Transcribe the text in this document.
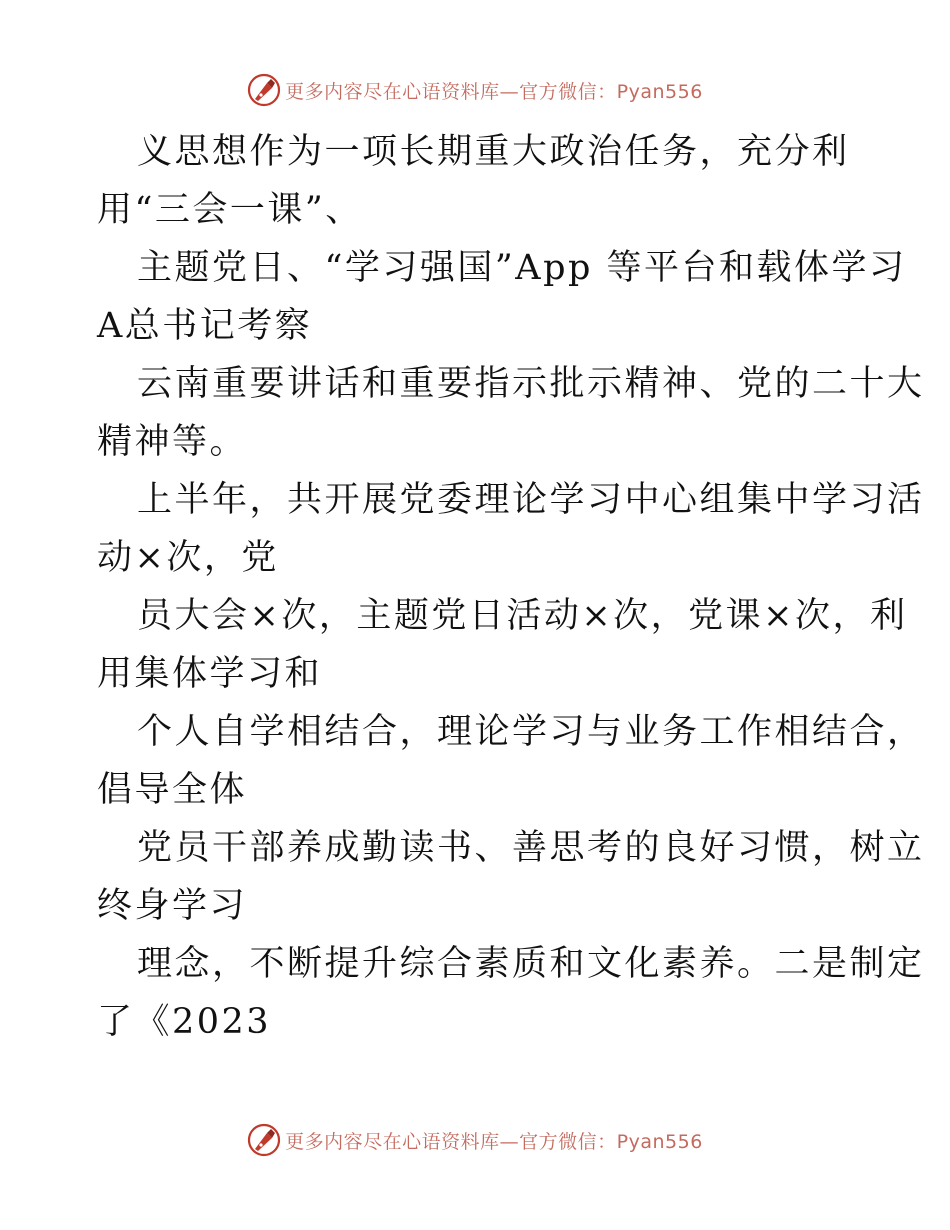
更多内容尽在心语资料库—官方微信：Pyan556
义思想作为一项长期重大政治任务，充分利
用“三会一课”、
主题党日、“学习强国”App 等平台和载体学习
A总书记考察
云南重要讲话和重要指示批示精神、党的二十大
精神等。
上半年，共开展党委理论学习中心组集中学习活
动×次，党
员大会×次，主题党日活动×次，党课×次，利
用集体学习和
个人自学相结合，理论学习与业务工作相结合，
倡导全体
党员干部养成勤读书、善思考的良好习惯，树立
终身学习
理念，不断提升综合素质和文化素养。二是制定
了《2023
更多内容尽在心语资料库—官方微信：Pyan556
